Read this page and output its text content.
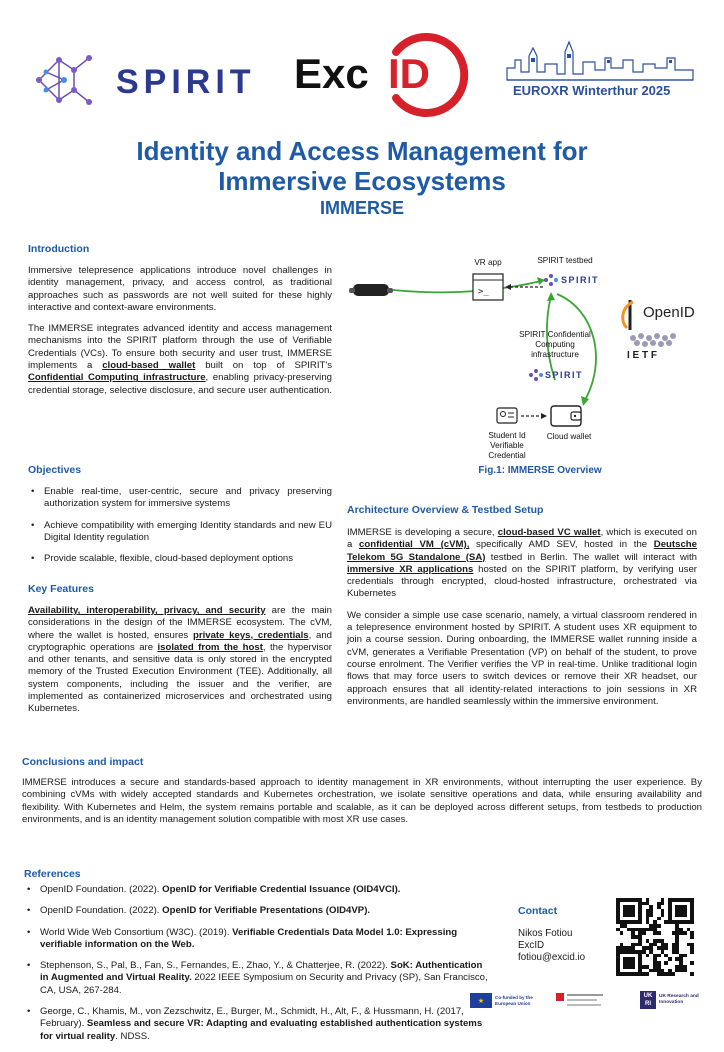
SPIRIT Exc ID	EUROXR Winterthur 2025
Identity and Access Management for
Immersive Ecosystems
IMMERSE
Introduction

Immersive telepresence applications introduce novel challenges in identity management, privacy, and access control, as traditional approaches such as passwords are not well suited for these highly interactive and context-aware environments.

The IMMERSE integrates advanced identity and access management mechanisms into the SPIRIT platform through the use of Verifiable Credentials (VCs). To ensure both security and user trust, IMMERSE implements a cloud-based wallet built on top of SPIRIT's Confidential Computing infrastructure, enabling privacy-preserving credential storage, selective disclosure, and secure user authentication.

Objectives
• Enable real-time, user-centric, secure and privacy preserving authorization system for immersive systems
• Achieve compatibility with emerging Identity standards and new EU Digital Identity regulation
• Provide scalable, flexible, cloud-based deployment options
Key Features

Availability, interoperability, privacy, and security are the main considerations in the design of the IMMERSE ecosystem. The cVM, where the wallet is hosted, ensures private keys, credentials, and cryptographic operations are isolated from the host, the hypervisor and other tenants, and sensitive data is only stored in the encrypted memory of the Trusted Execution Environment (TEE). Additionally, all system components, including the issuer and the verifier, are implemented as containerized microservices and orchestrated using Kubernetes.

>_
VR app	SPIRIT testbed
SPIRIT
SPIRIT Confidential Computing infrastructure
SPIRIT
Student Id Verifiable Credential
Cloud wallet
OpenID
I E T F
Fig.1: IMMERSE Overview
Architecture Overview & Testbed Setup

IMMERSE is developing a secure, cloud-based VC wallet, which is executed on a confidential VM (cVM), specifically AMD SEV, hosted in the Deutsche Telekom 5G Standalone (SA) testbed in Berlin. The wallet will interact with immersive XR applications hosted on the SPIRIT platform, by verifying user credentials through encrypted, cloud-hosted infrastructure, orchestrated via Kubernetes

We consider a simple use case scenario, namely, a virtual classroom rendered in a telepresence environment hosted by SPIRIT. A student uses XR equipment to join a course session. During onboarding, the IMMERSE wallet running inside a cVM, generates a Verifiable Presentation (VP) on behalf of the student, to prove course enrolment. The Verifier verifies the VP in real-time. Unlike traditional login flows that may force users to switch devices or remove their XR headset, our approach ensures that all identity-related interactions to join sessions in XR environments, are handled seamlessly within the immersive environment.

Conclusions and impact
IMMERSE introduces a secure and standards-based approach to identity management in XR environments, without interrupting the user experience. By combining cVMs with widely accepted standards and Kubernetes orchestration, we isolate sensitive operations and data, while ensuring availability and flexibility. With Kubernetes and Helm, the system remains portable and scalable, as it can be deployed across different setups, from testbeds to production environments, and is an identity management solution compatible with most XR use cases.
References
• OpenID Foundation. (2022). OpenID for Verifiable Credential Issuance (OID4VCI).
• OpenID Foundation. (2022). OpenID for Verifiable Presentations (OID4VP).
• World Wide Web Consortium (W3C). (2019). Verifiable Credentials Data Model 1.0: Expressing verifiable information on the Web.
• Stephenson, S., Pal, B., Fan, S., Fernandes, E., Zhao, Y., & Chatterjee, R. (2022). SoK: Authentication in Augmented and Virtual Reality. 2022 IEEE Symposium on Security and Privacy (SP), San Francisco, CA, USA, 267-284.
• George, C., Khamis, M., von Zezschwitz, E., Burger, M., Schmidt, H., Alt, F., & Hussmann, H. (2017, February). Seamless and secure VR: Adapting and evaluating established authentication systems for virtual reality. NDSS.
Contact
Nikos Fotiou
ExcID
fotiou@excid.io
★	Co-funded by the European Union
UK
RI
UK Research and Innovation
